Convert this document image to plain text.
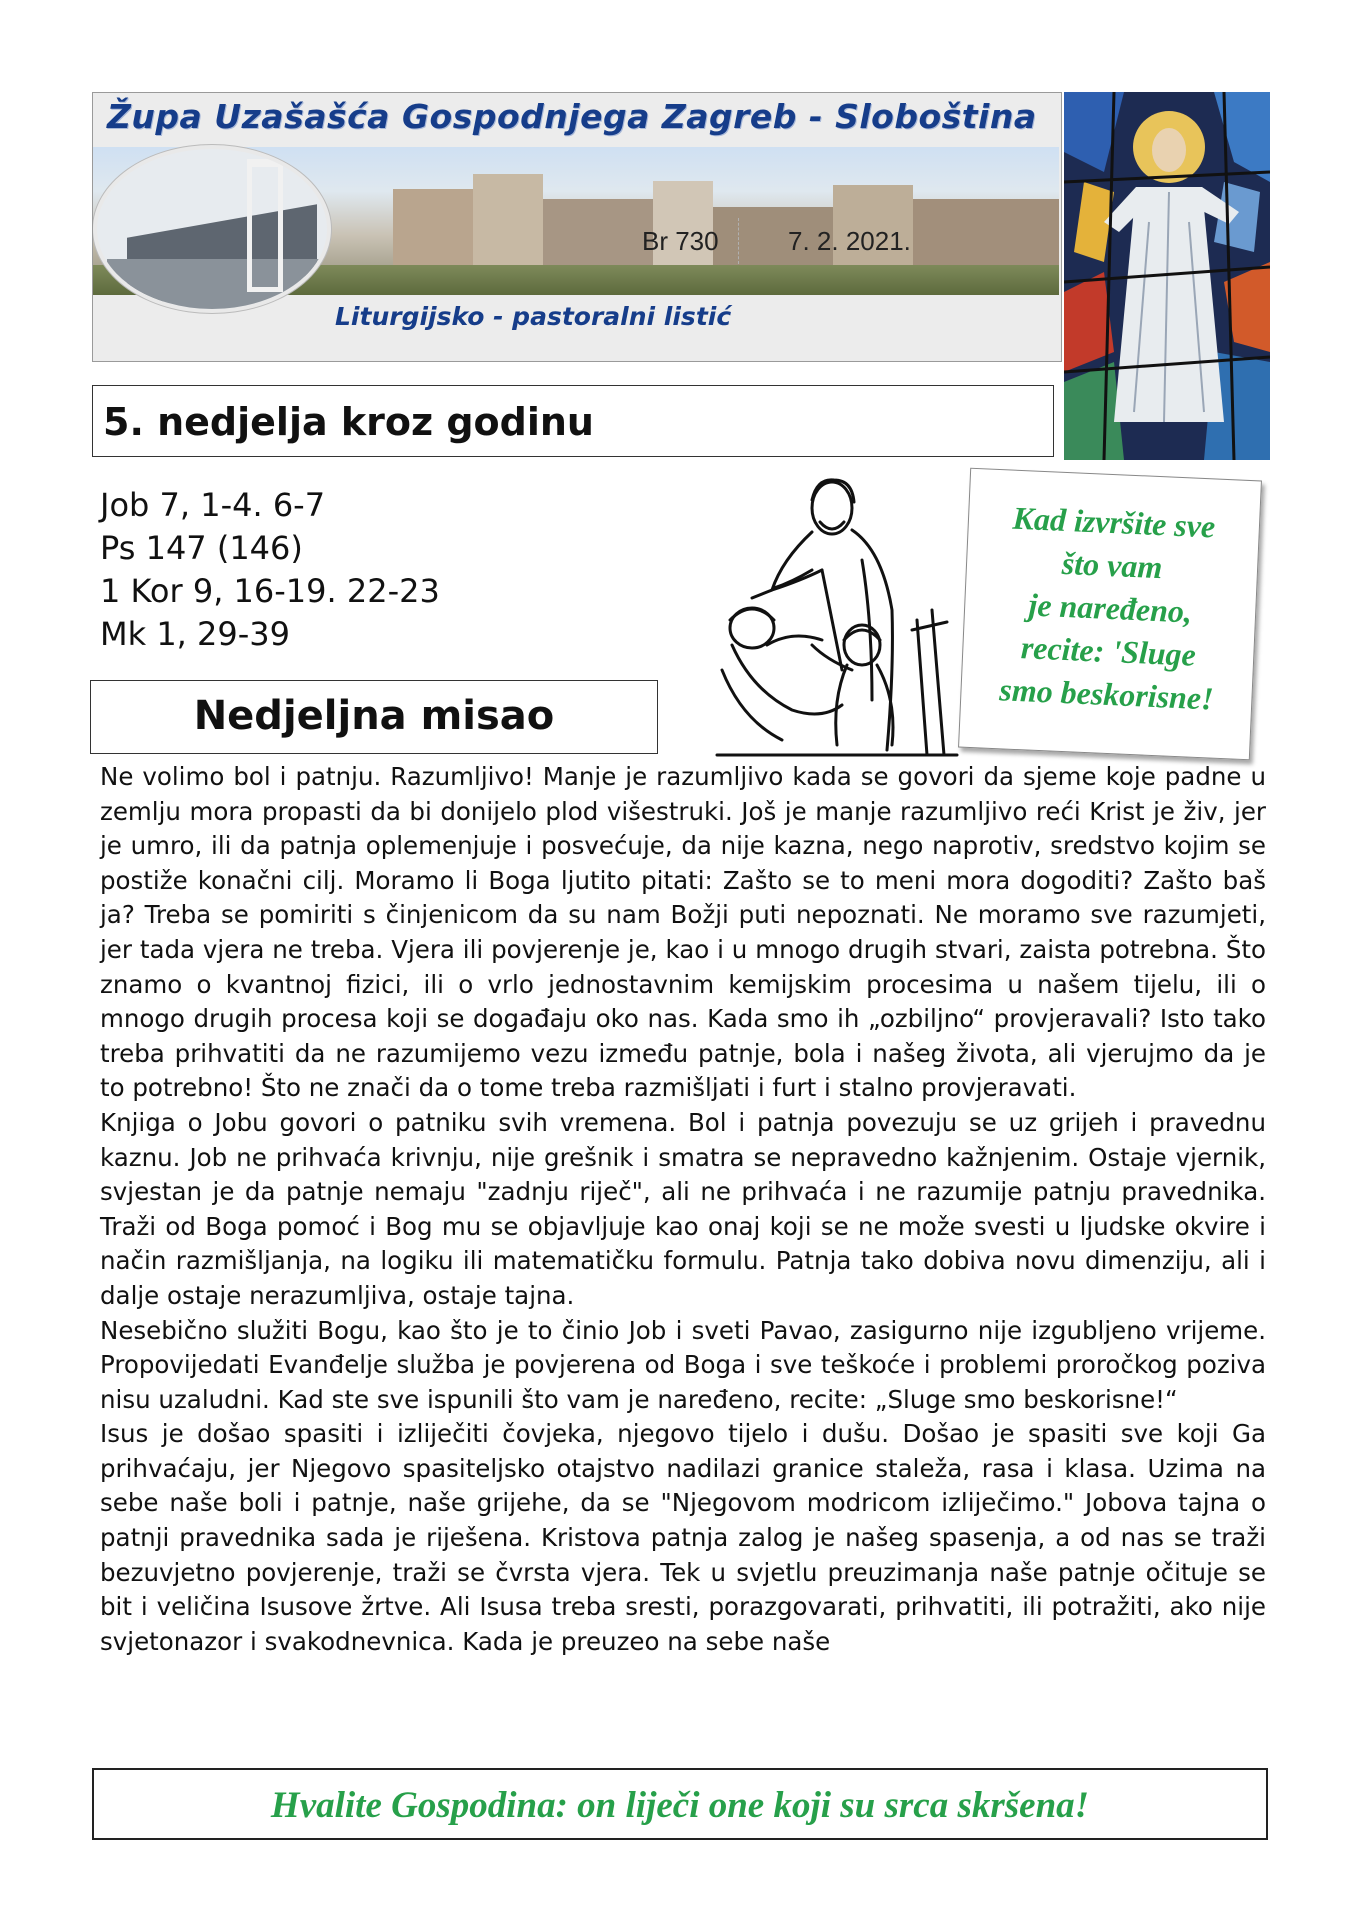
Župa Uzašašća Gospodnjega Zagreb - Sloboština
Liturgijsko - pastoralni listić
Br 730	7. 2. 2021.
5. nedjelja kroz godinu
Job 7, 1-4. 6-7
Ps 147 (146)
1 Kor 9, 16-19. 22-23
Mk 1, 29-39
Nedjeljna misao
Kad izvršite sve
što vam
je naređeno,
recite: 'Sluge
smo beskorisne!

Ne volimo bol i patnju. Razumljivo! Manje je razumljivo kada se govori da sjeme koje padne u zemlju mora propasti da bi donijelo plod višestruki. Još je manje razumljivo reći Krist je živ, jer je umro, ili da patnja oplemenjuje i posvećuje, da nije kazna, nego naprotiv, sredstvo kojim se postiže konačni cilj. Moramo li Boga ljutito pitati: Zašto se to meni mora dogoditi? Zašto baš ja? Treba se pomiriti s činjenicom da su nam Božji puti nepoznati. Ne moramo sve razumjeti, jer tada vjera ne treba. Vjera ili povjerenje je, kao i u mnogo drugih stvari, zaista potrebna. Što znamo o kvantnoj fizici, ili o vrlo jednostavnim kemijskim procesima u našem tijelu, ili o mnogo drugih procesa koji se događaju oko nas. Kada smo ih „ozbiljno“ provjeravali? Isto tako treba prihvatiti da ne razumijemo vezu između patnje, bola i našeg života, ali vjerujmo da je to potrebno! Što ne znači da o tome treba razmišljati i furt i stalno provjeravati.

Knjiga o Jobu govori o patniku svih vremena. Bol i patnja povezuju se uz grijeh i pravednu kaznu. Job ne prihvaća krivnju, nije grešnik i smatra se nepravedno kažnjenim. Ostaje vjernik, svjestan je da patnje nemaju "zadnju riječ", ali ne prihvaća i ne razumije patnju pravednika. Traži od Boga pomoć i Bog mu se objavljuje kao onaj koji se ne može svesti u ljudske okvire i način razmišljanja, na logiku ili matematičku formulu. Patnja tako dobiva novu dimenziju, ali i dalje ostaje nerazumljiva, ostaje tajna.

Nesebično služiti Bogu, kao što je to činio Job i sveti Pavao, zasigurno nije izgubljeno vrijeme. Propovijedati Evanđelje služba je povjerena od Boga i sve teškoće i problemi proročkog poziva nisu uzaludni. Kad ste sve ispunili što vam je naređeno, recite: „Sluge smo beskorisne!“

Isus je došao spasiti i izliječiti čovjeka, njegovo tijelo i dušu. Došao je spasiti sve koji Ga prihvaćaju, jer Njegovo spasiteljsko otajstvo nadilazi granice staleža, rasa i klasa. Uzima na sebe naše boli i patnje, naše grijehe, da se "Njegovom modricom izliječimo." Jobova tajna o patnji pravednika sada je riješena. Kristova patnja zalog je našeg spasenja, a od nas se traži bezuvjetno povjerenje, traži se čvrsta vjera. Tek u svjetlu preuzimanja naše patnje očituje se bit i veličina Isusove žrtve. Ali Isusa treba sresti, porazgovarati, prihvatiti, ili potražiti, ako nije svjetonazor i svakodnevnica. Kada je preuzeo na sebe naše

Hvalite Gospodina: on liječi one koji su srca skršena!
